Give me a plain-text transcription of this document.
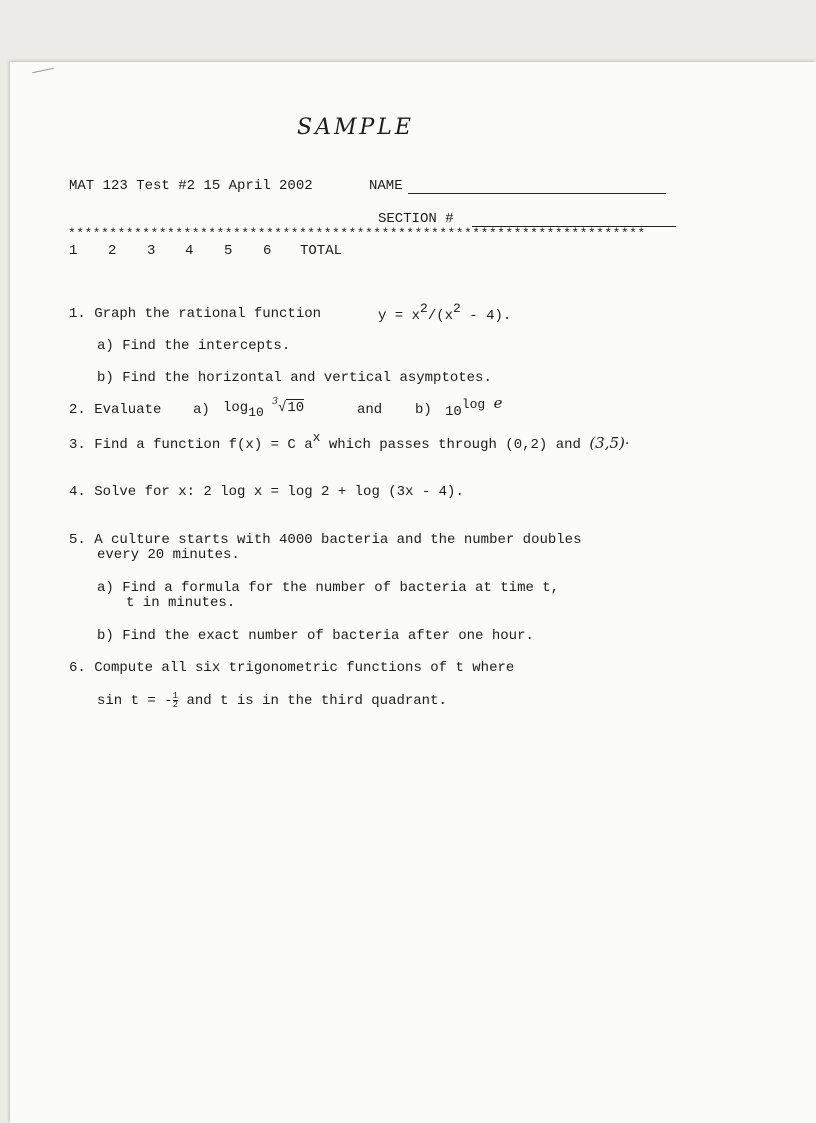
SAMPLE
MAT 123 Test #2 15 April 2002	NAME
SECTION #
**********************************************************************
1 2 3 4 5 6 TOTAL
1. Graph the rational function	y = x2/(x2 - 4).
a) Find the intercepts.
b) Find the horizontal and vertical asymptotes.
2. Evaluate a) log10 $^3$√10	and b) 10log e
3. Find a function f(x) = C ax which passes through (0,2) and (3,5)·
4. Solve for x: 2 log x = log 2 + log (3x - 4).
5. A culture starts with 4000 bacteria and the number doubles
every 20 minutes.
a) Find a formula for the number of bacteria at time t,
t in minutes.
b) Find the exact number of bacteria after one hour.
6. Compute all six trigonometric functions of t where
sin t = - $\frac{1}{2}$ and t is in the third quadrant.
